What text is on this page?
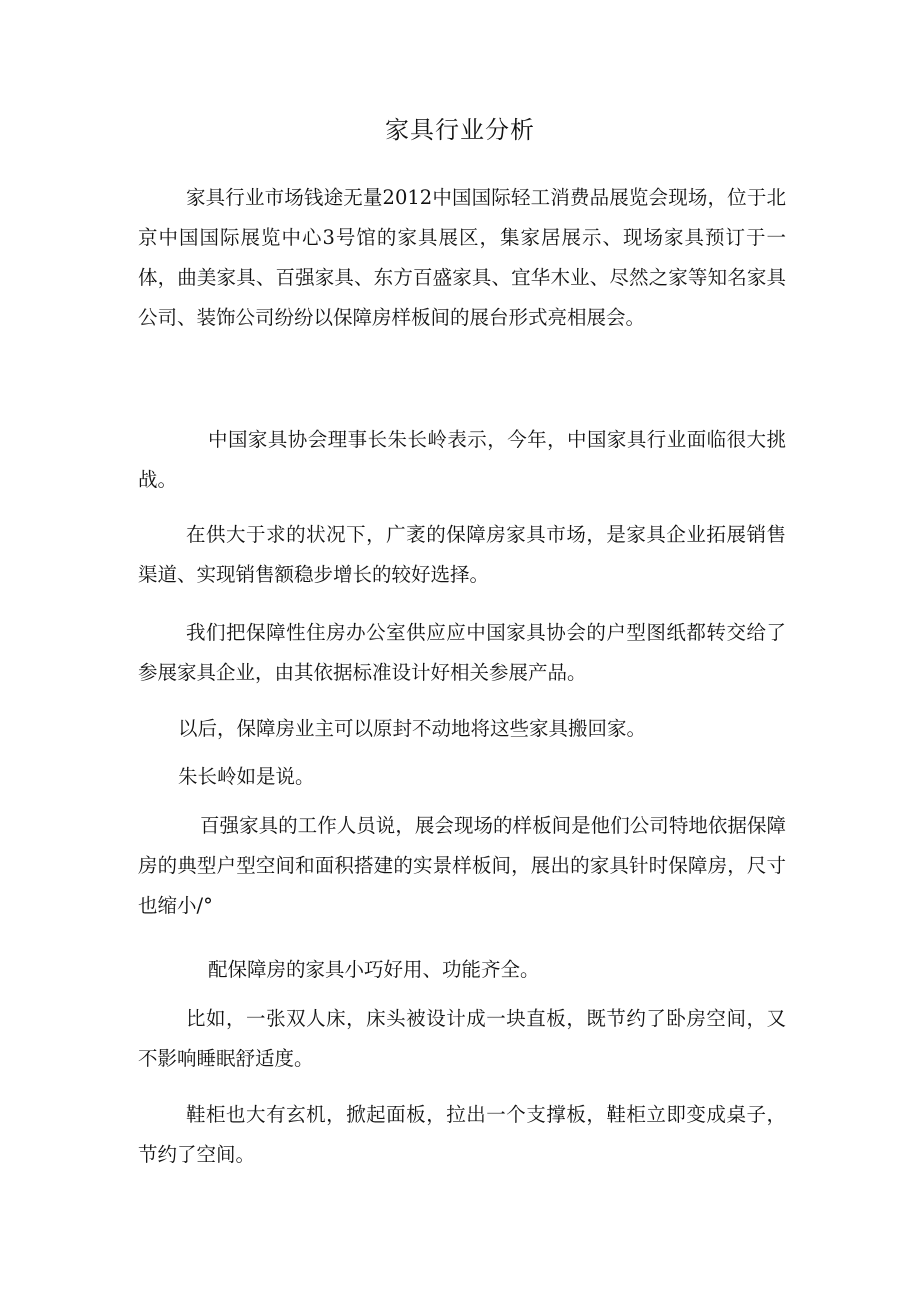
家具行业分析

家具行业市场钱途无量2012中国国际轻工消费品展览会现场，位于北京中国国际展览中心3号馆的家具展区，集家居展示、现场家具预订于一体，曲美家具、百强家具、东方百盛家具、宜华木业、尽然之家等知名家具公司、装饰公司纷纷以保障房样板间的展台形式亮相展会。

中国家具协会理事长朱长岭表示，今年，中国家具行业面临很大挑战。

在供大于求的状况下，广袤的保障房家具市场，是家具企业拓展销售渠道、实现销售额稳步增长的较好选择。

我们把保障性住房办公室供应应中国家具协会的户型图纸都转交给了参展家具企业，由其依据标准设计好相关参展产品。

以后，保障房业主可以原封不动地将这些家具搬回家。

朱长岭如是说。

百强家具的工作人员说，展会现场的样板间是他们公司特地依据保障房的典型户型空间和面积搭建的实景样板间，展出的家具针时保障房，尺寸也缩小/°

配保障房的家具小巧好用、功能齐全。

比如，一张双人床，床头被设计成一块直板，既节约了卧房空间，又不影响睡眠舒适度。

鞋柜也大有玄机，掀起面板，拉出一个支撑板，鞋柜立即变成桌子，节约了空间。
